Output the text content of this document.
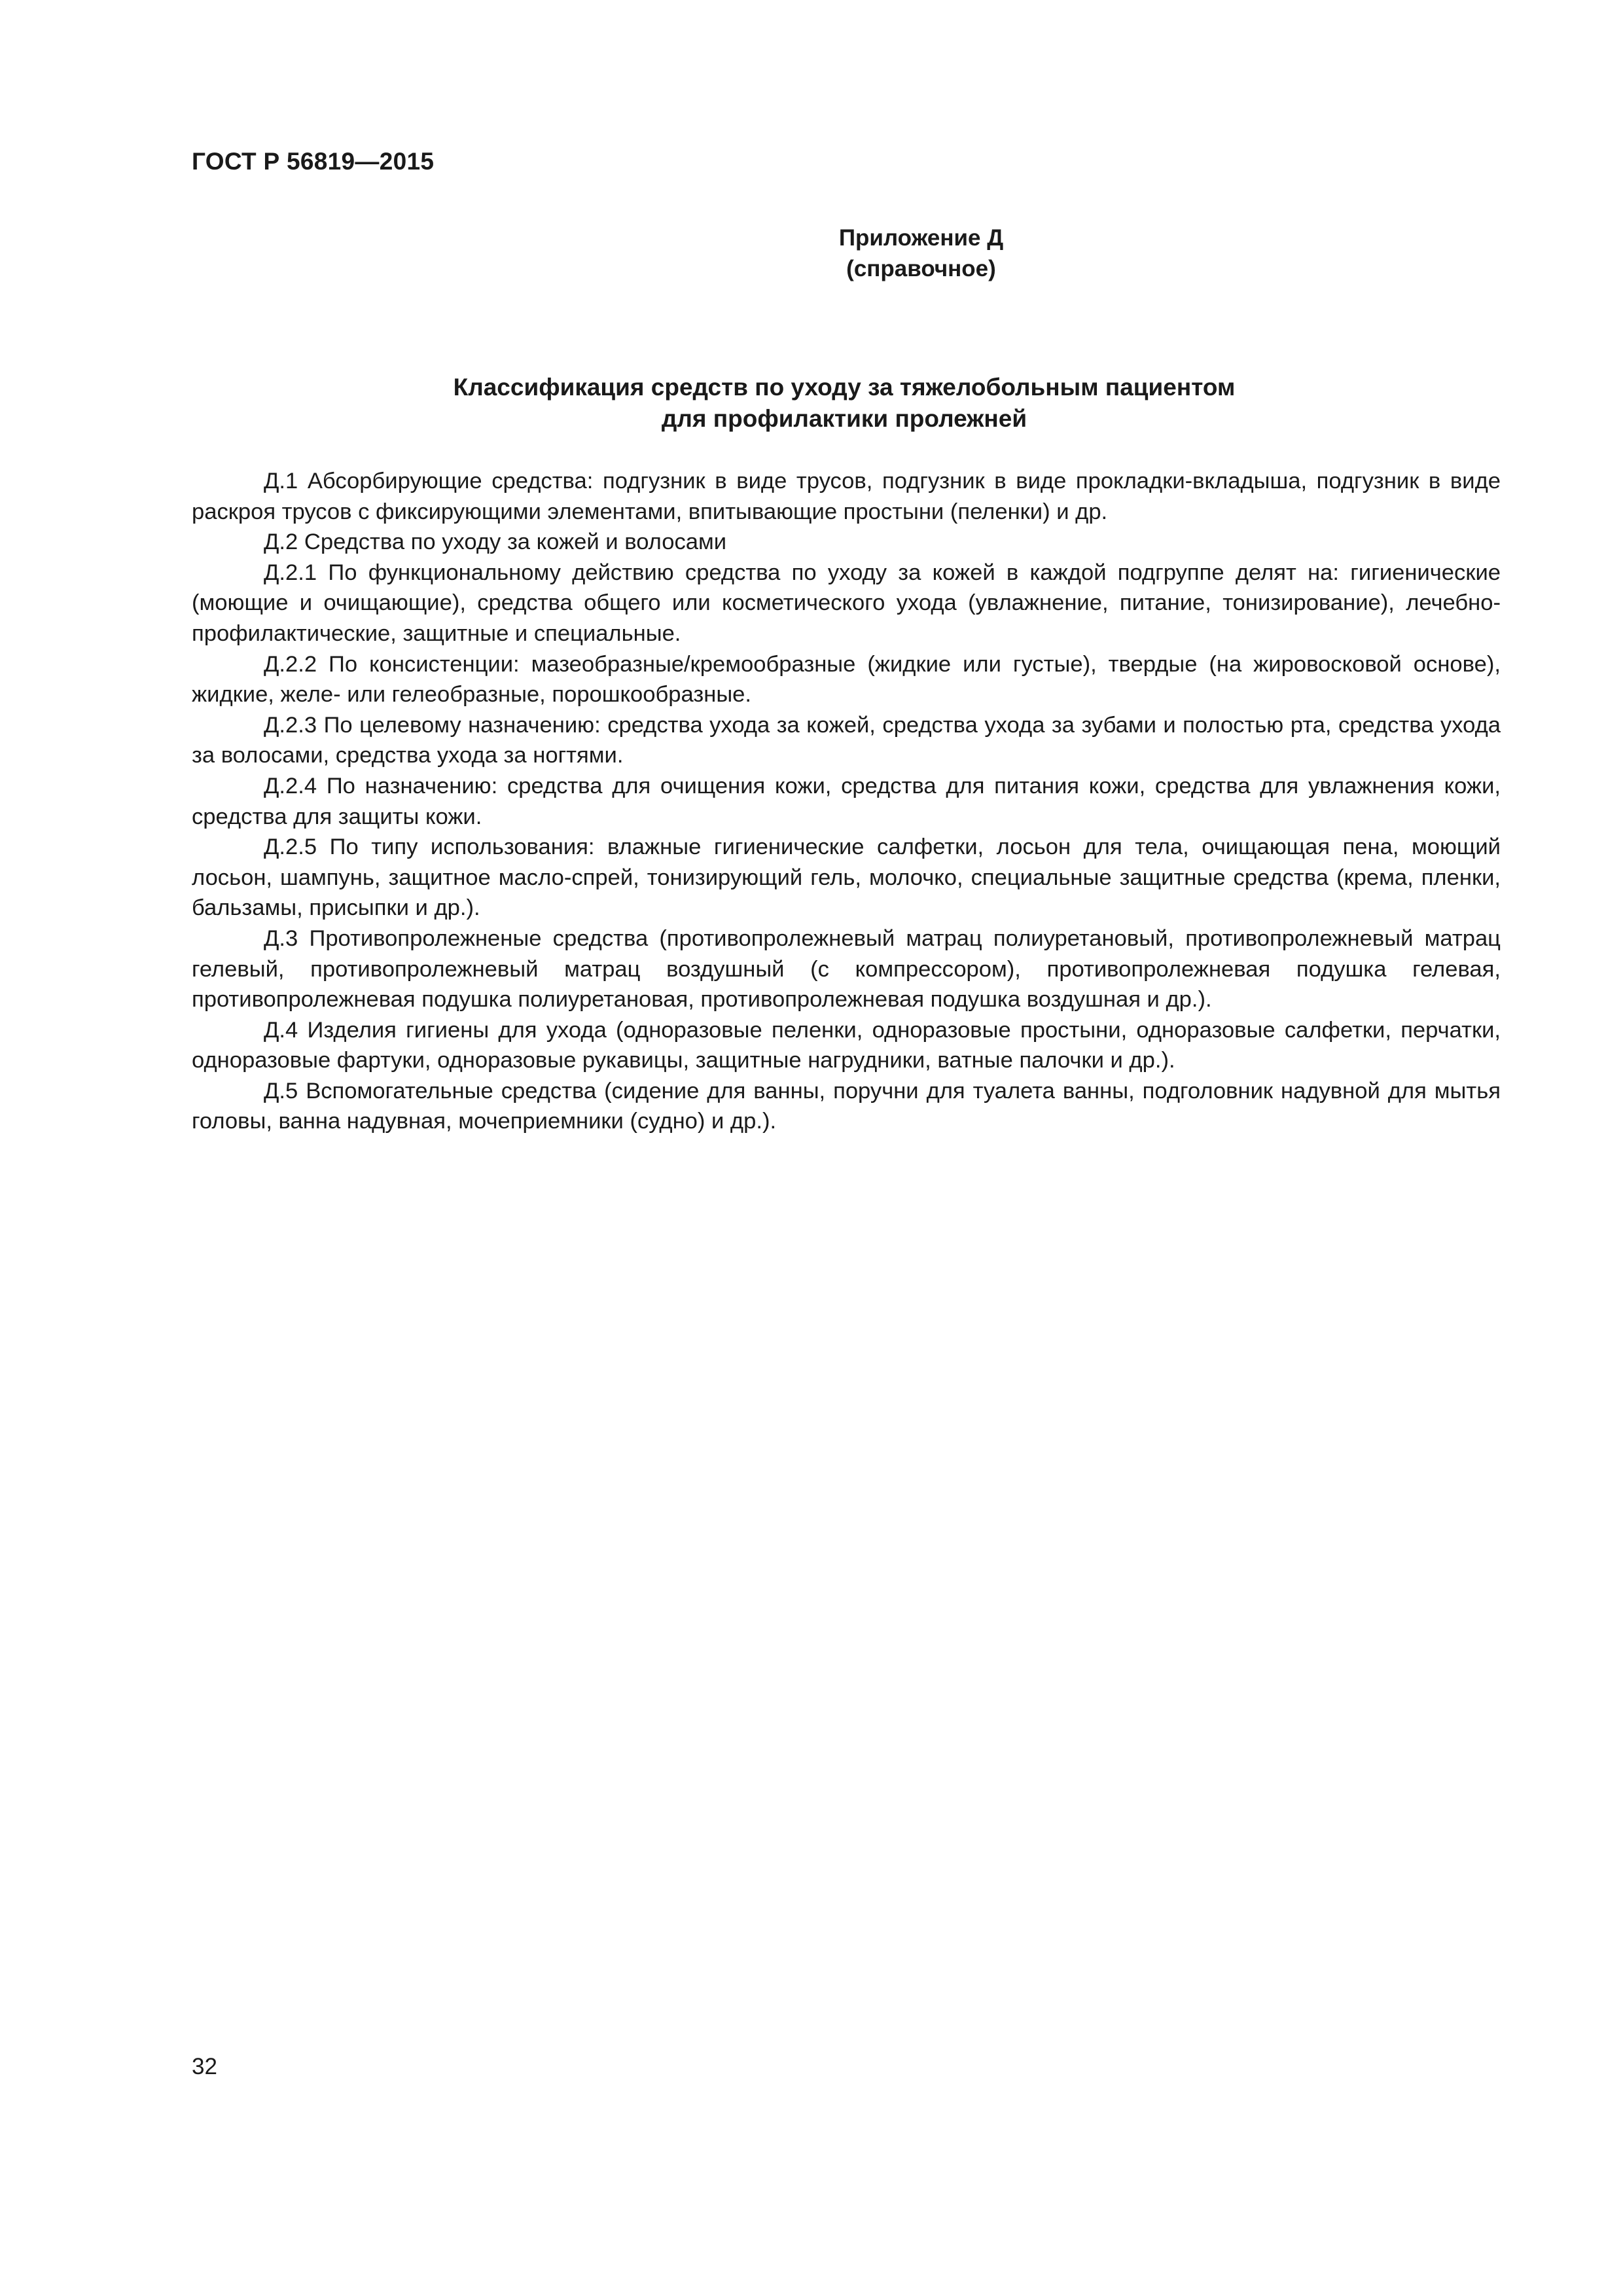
ГОСТ Р 56819—2015
Приложение Д
(справочное)
Классификация средств по уходу за тяжелобольным пациентом
для профилактики пролежней

Д.1 Абсорбирующие средства: подгузник в виде трусов, подгузник в виде прокладки-вкладыша, подгузник в виде раскроя трусов с фиксирующими элементами, впитывающие простыни (пеленки) и др.

Д.2 Средства по уходу за кожей и волосами

Д.2.1 По функциональному действию средства по уходу за кожей в каждой подгруппе делят на: гигиенические (моющие и очищающие), средства общего или косметического ухода (увлажнение, питание, тонизирование), лечебно-профилактические, защитные и специальные.

Д.2.2 По консистенции: мазеобразные/кремообразные (жидкие или густые), твердые (на жировосковой основе), жидкие, желе- или гелеобразные, порошкообразные.

Д.2.3 По целевому назначению: средства ухода за кожей, средства ухода за зубами и полостью рта, средства ухода за волосами, средства ухода за ногтями.

Д.2.4 По назначению: средства для очищения кожи, средства для питания кожи, средства для увлажнения кожи, средства для защиты кожи.

Д.2.5 По типу использования: влажные гигиенические салфетки, лосьон для тела, очищающая пена, моющий лосьон, шампунь, защитное масло-спрей, тонизирующий гель, молочко, специальные защитные средства (крема, пленки, бальзамы, присыпки и др.).

Д.3 Противопролежненые средства (противопролежневый матрац полиуретановый, противопролежневый матрац гелевый, противопролежневый матрац воздушный (с компрессором), противопролежневая подушка гелевая, противопролежневая подушка полиуретановая, противопролежневая подушка воздушная и др.).

Д.4 Изделия гигиены для ухода (одноразовые пеленки, одноразовые простыни, одноразовые салфетки, перчатки, одноразовые фартуки, одноразовые рукавицы, защитные нагрудники, ватные палочки и др.).

Д.5 Вспомогательные средства (сидение для ванны, поручни для туалета ванны, подголовник надувной для мытья головы, ванна надувная, мочеприемники (судно) и др.).

32
